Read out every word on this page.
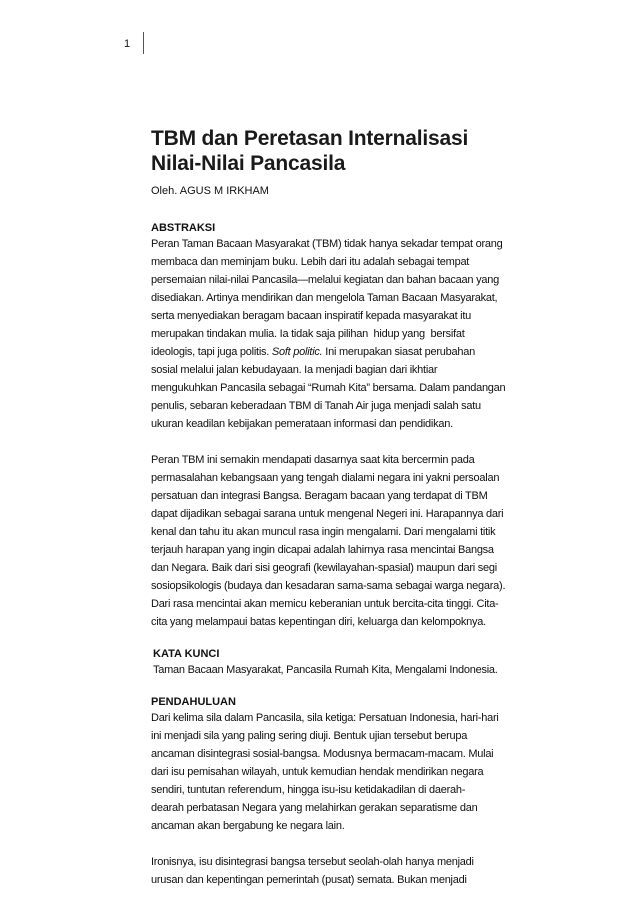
1
TBM dan Peretasan Internalisasi
Nilai-Nilai Pancasila
Oleh. AGUS M IRKHAM
ABSTRAKSI
Peran Taman Bacaan Masyarakat (TBM) tidak hanya sekadar tempat orang
membaca dan meminjam buku. Lebih dari itu adalah sebagai tempat
persemaian nilai-nilai Pancasila—melalui kegiatan dan bahan bacaan yang
disediakan. Artinya mendirikan dan mengelola Taman Bacaan Masyarakat,
serta menyediakan beragam bacaan inspiratif kepada masyarakat itu
merupakan tindakan mulia. Ia tidak saja pilihan  hidup yang  bersifat
ideologis, tapi juga politis. Soft politic. Ini merupakan siasat perubahan
sosial melalui jalan kebudayaan. Ia menjadi bagian dari ikhtiar
mengukuhkan Pancasila sebagai “Rumah Kita” bersama. Dalam pandangan
penulis, sebaran keberadaan TBM di Tanah Air juga menjadi salah satu
ukuran keadilan kebijakan pemerataan informasi dan pendidikan.
Peran TBM ini semakin mendapati dasarnya saat kita bercermin pada
permasalahan kebangsaan yang tengah dialami negara ini yakni persoalan
persatuan dan integrasi Bangsa. Beragam bacaan yang terdapat di TBM
dapat dijadikan sebagai sarana untuk mengenal Negeri ini. Harapannya dari
kenal dan tahu itu akan muncul rasa ingin mengalami. Dari mengalami titik
terjauh harapan yang ingin dicapai adalah lahirnya rasa mencintai Bangsa
dan Negara. Baik dari sisi geografi (kewilayahan-spasial) maupun dari segi
sosiopsikologis (budaya dan kesadaran sama-sama sebagai warga negara).
Dari rasa mencintai akan memicu keberanian untuk bercita-cita tinggi. Cita-
cita yang melampaui batas kepentingan diri, keluarga dan kelompoknya.
KATA KUNCI
Taman Bacaan Masyarakat, Pancasila Rumah Kita, Mengalami Indonesia.
PENDAHULUAN
Dari kelima sila dalam Pancasila, sila ketiga: Persatuan Indonesia, hari-hari
ini menjadi sila yang paling sering diuji. Bentuk ujian tersebut berupa
ancaman disintegrasi sosial-bangsa. Modusnya bermacam-macam. Mulai
dari isu pemisahan wilayah, untuk kemudian hendak mendirikan negara
sendiri, tuntutan referendum, hingga isu-isu ketidakadilan di daerah-
dearah perbatasan Negara yang melahirkan gerakan separatisme dan
ancaman akan bergabung ke negara lain.
Ironisnya, isu disintegrasi bangsa tersebut seolah-olah hanya menjadi
urusan dan kepentingan pemerintah (pusat) semata. Bukan menjadi
